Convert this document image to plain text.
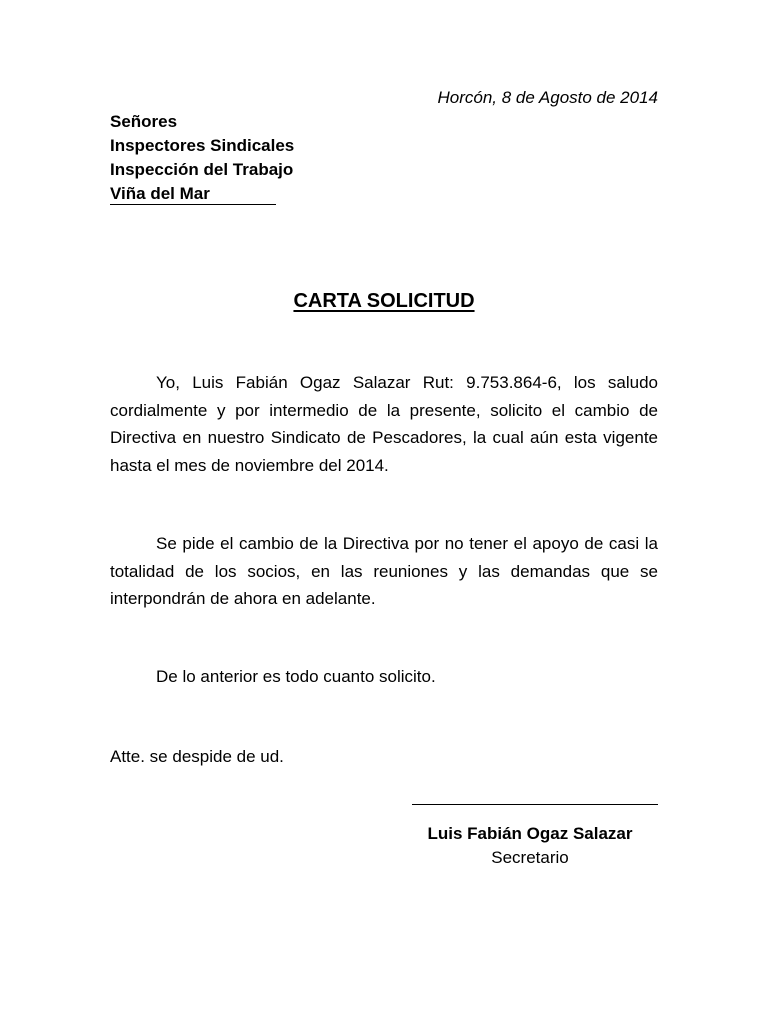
Horcón, 8 de Agosto de 2014
Señores
Inspectores Sindicales
Inspección del Trabajo
Viña del Mar
CARTA SOLICITUD

Yo, Luis Fabián Ogaz Salazar Rut: 9.753.864-6, los saludo cordialmente y por intermedio de la presente, solicito el cambio de Directiva en nuestro Sindicato de Pescadores, la cual aún esta vigente hasta el mes de noviembre del 2014.

Se pide el cambio de la Directiva por no tener el apoyo de casi la totalidad de los socios, en las reuniones y las demandas que se interpondrán de ahora en adelante.

De lo anterior es todo cuanto solicito.

Atte. se despide de ud.
Luis Fabián Ogaz Salazar
Secretario
